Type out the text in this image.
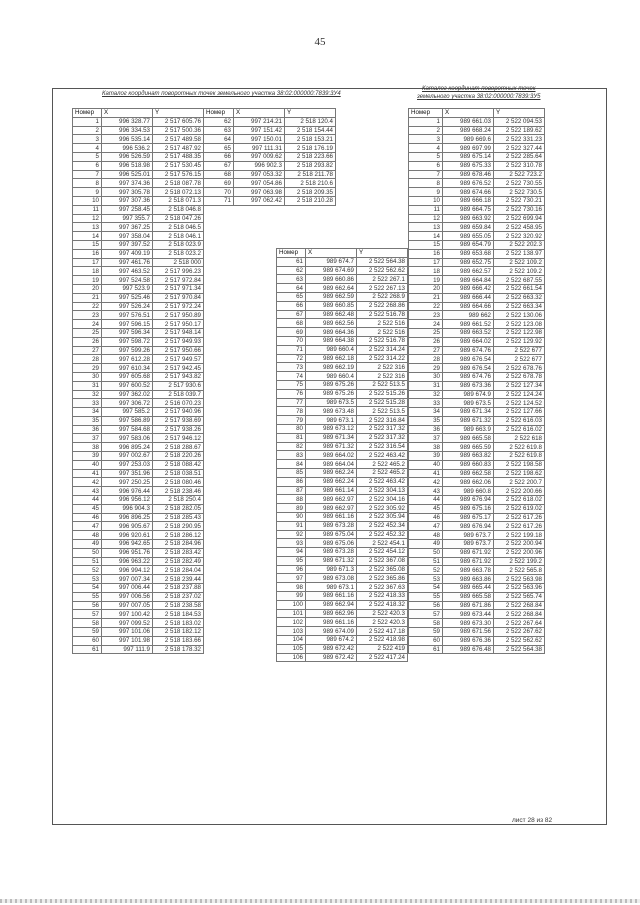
45
Каталог координат поворотных точек земельного участка 38:02:000000:7839:3У4
Каталог координат поворотных точек
земельного участка 38:02:000000:7839:3У5
Номер	X	Y
1	996 328.77	2 517 605.76
2	996 334.53	2 517 500.36
3	996 535.14	2 517 489.58
4	996 536.2	2 517 487.92
5	996 526.59	2 517 488.35
6	996 518.98	2 517 530.45
7	996 525.01	2 517 576.15
8	997 374.36	2 518 087.78
9	997 305.78	2 518 072.13
10	997 307.36	2 518 071.3
11	997 258.45	2 518 046.8
12	997 355.7	2 518 047.26
13	997 367.25	2 518 046.5
14	997 358.04	2 518 046.1
15	997 397.52	2 518 023.9
16	997 409.19	2 518 023.2
17	997 461.76	2 518 000
18	997 463.52	2 517 996.23
19	997 524.58	2 517 972.84
20	997 523.9	2 517 971.34
21	997 525.46	2 517 970.84
22	997 526.24	2 517 972.24
23	997 576.51	2 517 950.89
24	997 596.15	2 517 950.17
25	997 596.34	2 517 948.14
26	997 598.72	2 517 949.93
27	997 599.26	2 517 950.66
28	997 612.28	2 517 949.57
29	997 610.34	2 517 942.45
30	997 605.68	2 517 943.82
31	997 600.52	2 517 930.6
32	997 362.02	2 518 039.7
33	997 306.72	2 516 070.23
34	997 585.2	2 517 940.96
35	997 586.89	2 517 938.69
36	997 584.68	2 517 938.26
37	997 583.06	2 517 946.12
38	996 895.24	2 518 288.67
39	997 002.67	2 518 220.26
40	997 253.03	2 518 088.42
41	997 351.96	2 518 038.51
42	997 250.25	2 518 080.46
43	996 976.44	2 518 238.46
44	996 956.12	2 518 250.4
45	996 904.3	2 518 282.05
46	996 896.25	2 518 285.43
47	996 905.67	2 518 290.95
48	996 920.61	2 518 286.12
49	996 942.65	2 518 284.96
50	996 951.76	2 518 283.42
51	996 963.22	2 518 282.49
52	996 994.12	2 518 284.04
53	997 007.34	2 518 239.44
54	997 006.44	2 518 237.88
55	997 006.56	2 518 237.02
56	997 007.05	2 518 238.58
57	997 100.42	2 518 184.53
58	997 099.52	2 518 183.02
59	997 101.06	2 518 182.12
60	997 101.98	2 518 183.66
61	997 111.9	2 518 178.32
Номер	X	Y
62	997 214.21	2 518 120.4
63	997 151.42	2 518 154.44
64	997 150.01	2 518 153.21
65	997 111.31	2 518 176.19
66	997 009.62	2 518 223.66
67	996 902.3	2 518 293.82
68	997 053.32	2 518 211.78
69	997 054.86	2 518 210.6
70	997 063.98	2 518 209.35
71	997 062.42	2 518 210.28
Номер	X	Y
61	989 674.7	2 522 564.38
62	989 674.69	2 522 562.62
63	989 660.86	2 522 267.1
64	989 662.64	2 522 267.13
65	989 662.59	2 522 268.9
66	989 660.85	2 522 268.86
67	989 662.48	2 522 516.78
68	989 662.56	2 522 516
69	989 664.36	2 522 516
70	989 664.38	2 522 516.78
71	989 660.4	2 522 314.24
72	989 662.18	2 522 314.22
73	989 662.19	2 522 316
74	989 660.4	2 522 316
75	989 675.26	2 522 513.5
76	989 675.26	2 522 515.26
77	989 673.5	2 522 515.28
78	989 673.48	2 522 513.5
79	989 673.1	2 522 316.84
80	989 673.12	2 522 317.32
81	989 671.34	2 522 317.32
82	989 671.32	2 522 316.54
83	989 664.02	2 522 463.42
84	989 664.04	2 522 465.2
85	989 662.24	2 522 465.2
86	989 662.24	2 522 463.42
87	989 661.14	2 522 304.13
88	989 662.97	2 522 304.16
89	989 662.97	2 522 305.92
90	989 661.16	2 522 305.94
91	989 673.28	2 522 452.34
92	989 675.04	2 522 452.32
93	989 675.06	2 522 454.1
94	989 673.28	2 522 454.12
95	989 671.32	2 522 367.08
96	989 671.3	2 522 365.08
97	989 673.08	2 522 365.86
98	989 673.1	2 522 367.63
99	989 661.16	2 522 418.33
100	989 662.94	2 522 418.32
101	989 662.96	2 522 420.3
102	989 661.16	2 522 420.3
103	989 674.09	2 522 417.18
104	989 674.2	2 522 418.98
105	989 672.42	2 522 419
106	989 672.42	2 522 417.24
Номер	X	Y
1	989 661.03	2 522 094.53
2	989 668.24	2 522 189.62
3	989 669.6	2 522 331.23
4	989 697.99	2 522 327.44
5	989 675.14	2 522 285.64
6	989 675.33	2 522 310.78
7	989 678.46	2 522 723.2
8	989 676.52	2 522 730.55
9	989 674.66	2 522 730.5
10	989 666.18	2 522 730.21
11	989 664.75	2 522 730.16
12	989 663.92	2 522 699.94
13	989 659.84	2 522 458.95
14	989 655.05	2 522 320.92
15	989 654.79	2 522 202.3
16	989 653.68	2 522 138.97
17	989 652.75	2 522 109.2
18	989 662.57	2 522 109.2
19	989 664.84	2 522 687.55
20	989 666.42	2 522 661.54
21	989 666.44	2 522 663.32
22	989 664.66	2 522 663.34
23	989 662	2 522 130.06
24	989 661.52	2 522 123.08
25	989 663.52	2 522 122.98
26	989 664.02	2 522 129.92
27	989 674.76	2 522 677
28	989 676.54	2 522 677
29	989 676.54	2 522 678.76
30	989 674.76	2 522 678.78
31	989 673.36	2 522 127.34
32	989 674.9	2 522 124.24
33	989 673.5	2 522 124.52
34	989 671.34	2 522 127.66
35	989 671.32	2 522 616.03
36	989 663.9	2 522 616.02
37	989 665.58	2 522 618
38	989 665.59	2 522 619.8
39	989 663.82	2 522 619.8
40	989 660.83	2 522 198.58
41	989 662.58	2 522 198.62
42	989 662.06	2 522 200.7
43	989 660.8	2 522 200.66
44	989 676.94	2 522 618.02
45	989 675.16	2 522 619.02
46	989 675.17	2 522 617.26
47	989 676.94	2 522 617.26
48	989 673.7	2 522 199.18
49	989 673.7	2 522 200.94
50	989 671.92	2 522 200.96
51	989 671.92	2 522 199.2
52	989 663.78	2 522 565.8
53	989 663.86	2 522 563.98
54	989 665.44	2 522 563.96
55	989 665.58	2 522 565.74
56	989 671.86	2 522 268.84
57	989 673.44	2 522 268.84
58	989 673.30	2 522 267.64
59	989 671.56	2 522 267.62
60	989 676.36	2 522 562.62
61	989 676.48	2 522 564.38
лист 28 из 82
